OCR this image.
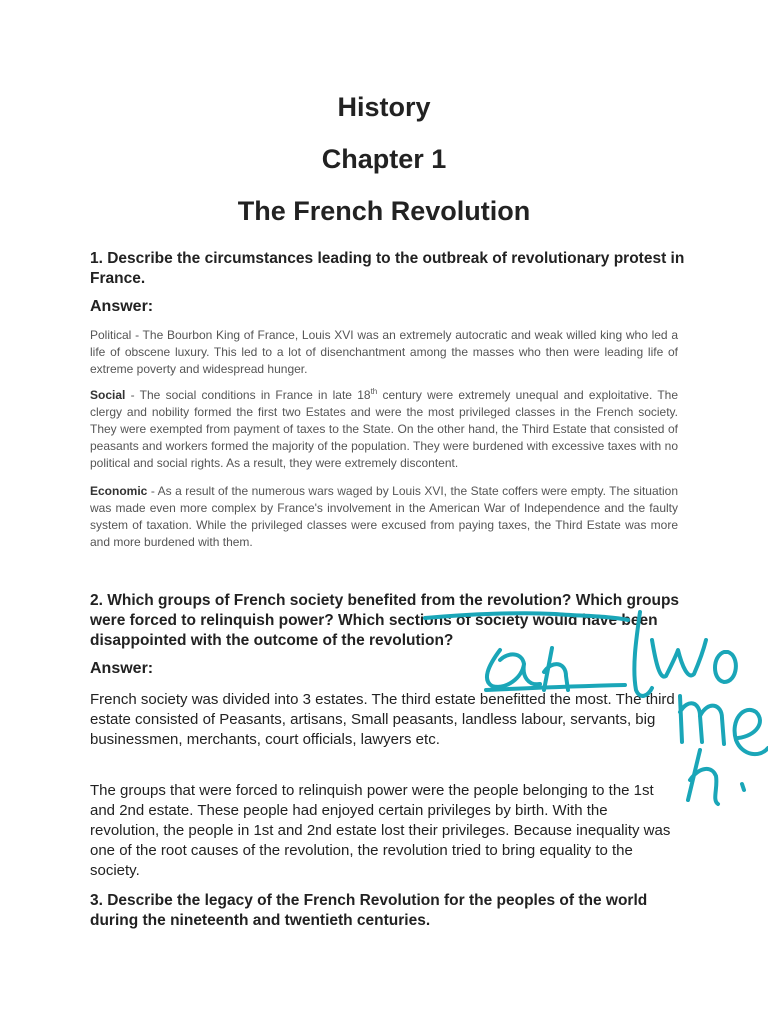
History
Chapter 1
The French Revolution

1. Describe the circumstances leading to the outbreak of revolutionary protest in France.

Answer:

Political - The Bourbon King of France, Louis XVI was an extremely autocratic and weak willed king who led a life of obscene luxury. This led to a lot of disenchantment among the masses who then were leading life of extreme poverty and widespread hunger.

Social - The social conditions in France in late 18th century were extremely unequal and exploitative. The clergy and nobility formed the first two Estates and were the most privileged classes in the French society. They were exempted from payment of taxes to the State. On the other hand, the Third Estate that consisted of peasants and workers formed the majority of the population. They were burdened with excessive taxes with no political and social rights. As a result, they were extremely discontent.

Economic - As a result of the numerous wars waged by Louis XVI, the State coffers were empty. The situation was made even more complex by France's involvement in the American War of Independence and the faulty system of taxation. While the privileged classes were excused from paying taxes, the Third Estate was more and more burdened with them.

2. Which groups of French society benefited from the revolution? Which groups were forced to relinquish power? Which sections of society would have been disappointed with the outcome of the revolution?

Answer:

French society was divided into 3 estates. The third estate benefitted the most. The third estate consisted of Peasants, artisans, Small peasants, landless labour, servants, big businessmen, merchants, court officials, lawyers etc.

The groups that were forced to relinquish power were the people belonging to the 1st and 2nd estate. These people had enjoyed certain privileges by birth. With the revolution, the people in 1st and 2nd estate lost their privileges. Because inequality was one of the root causes of the revolution, the revolution tried to bring equality to the society.

3. Describe the legacy of the French Revolution for the peoples of the world during the nineteenth and twentieth centuries.
